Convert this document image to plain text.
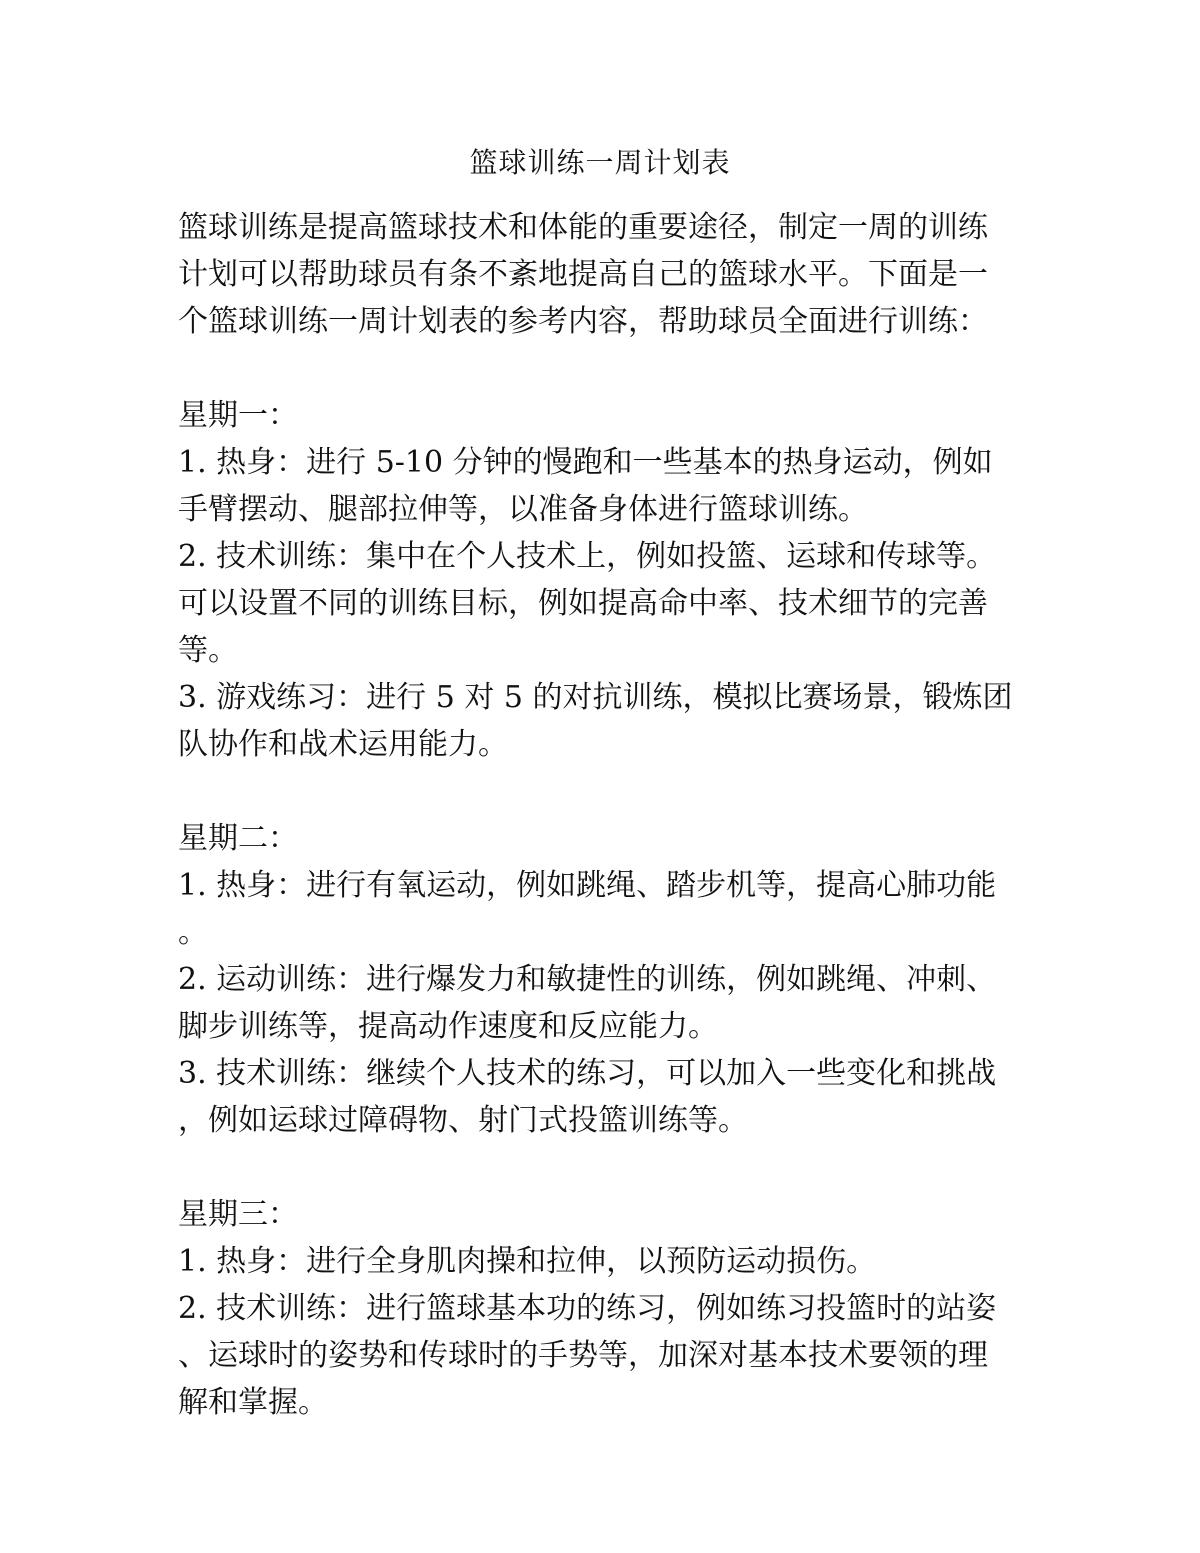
篮球训练一周计划表
篮球训练是提高篮球技术和体能的重要途径，制定一周的训练
计划可以帮助球员有条不紊地提高自己的篮球水平。下面是一
个篮球训练一周计划表的参考内容，帮助球员全面进行训练：
星期一：
1. 热身：进行 5-10 分钟的慢跑和一些基本的热身运动，例如
手臂摆动、腿部拉伸等，以准备身体进行篮球训练。
2. 技术训练：集中在个人技术上，例如投篮、运球和传球等。
可以设置不同的训练目标，例如提高命中率、技术细节的完善
等。
3. 游戏练习：进行 5 对 5 的对抗训练，模拟比赛场景，锻炼团
队协作和战术运用能力。
星期二：
1. 热身：进行有氧运动，例如跳绳、踏步机等，提高心肺功能
。
2. 运动训练：进行爆发力和敏捷性的训练，例如跳绳、冲刺、
脚步训练等，提高动作速度和反应能力。
3. 技术训练：继续个人技术的练习，可以加入一些变化和挑战
，例如运球过障碍物、射门式投篮训练等。
星期三：
1. 热身：进行全身肌肉操和拉伸，以预防运动损伤。
2. 技术训练：进行篮球基本功的练习，例如练习投篮时的站姿
、运球时的姿势和传球时的手势等，加深对基本技术要领的理
解和掌握。
